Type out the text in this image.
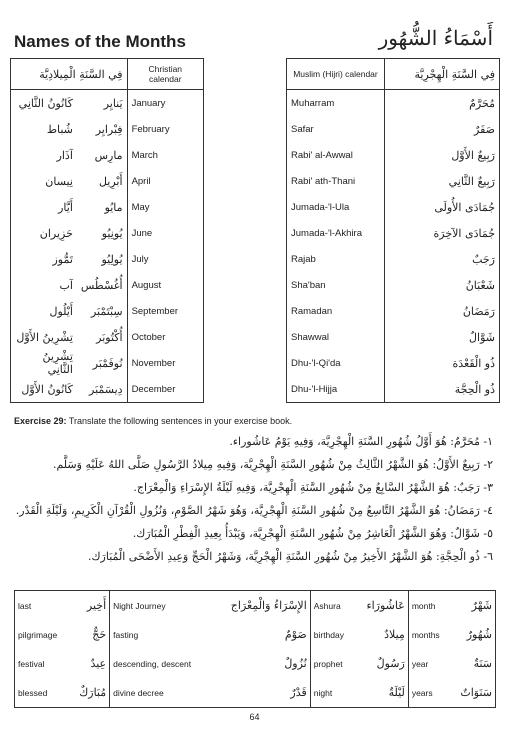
Names of the Months	أَسْمَاءُ الشُّهُور
فِي السَّنَةِ الْمِيلادِيَّة		Christian calendar
كَانُونُ الثَّانِي	يَنايِر	January
شُباط	فِبْرايِر	February
آذَار	مارِس	March
نِيسان	أَبْرِيل	April
أَيَّار	مايُو	May
حَزِيران	يُونِيُو	June
تَمُّوز	يُولِيُو	July
آب	أُغُسْطُس	August
أَيْلُول	سِبْتَمْبَر	September
تِشْرِينُ الأَوَّل	أُكْتُوبَر	October
تِشْرِينُ الثَّانِي	نُوفَمْبَر	November
كَانُونُ الأَوَّل	دِيسَمْبَر	December
Muslim (Hijri) calendar	فِي السَّنَةِ الْهِجْرِيَّة
Muharram	مُحَرَّمٌ
Safar	صَفَرٌ
Rabi' al-Awwal	رَبِيعٌ الأَوَّل
Rabi' ath-Thani	رَبِيعٌ الثَّانِي
Jumada-'l-Ula	جُمَادَى الأُولَى
Jumada-'l-Akhira	جُمَادَى الآخِرَة
Rajab	رَجَبٌ
Sha'ban	شَعْبَانُ
Ramadan	رَمَضَانُ
Shawwal	شَوَّالٌ
Dhu-'l-Qi'da	ذُو الْقَعْدَة
Dhu-'l-Hijja	ذُو الْحِجَّة
Exercise 29: Translate the following sentences in your exercise book.
١- مُحَرَّمٌ: هُوَ أَوَّلُ شُهُورِ السَّنَةِ الْهِجْرِيَّة، وَفِيهِ يَوْمُ عَاشُوراء.
٢- رَبِيعٌ الأَوَّلُ: هُوَ الشَّهْرُ الثَّالِثُ مِنْ شُهُورِ السَّنَةِ الْهِجْرِيَّة، وَفِيهِ مِيلادُ الرَّسُولِ صَلَّى اللهُ عَلَيْهِ وَسَلَّم.
٣- رَجَبٌ: هُوَ الشَّهْرُ السَّابِعُ مِنْ شُهُورِ السَّنَةِ الْهِجْرِيَّة، وَفِيهِ لَيْلَةُ الإِسْرَاءِ وَالْمِعْرَاج.
٤- رَمَضَانُ: هُوَ الشَّهْرُ التَّاسِعُ مِنْ شُهُورِ السَّنَةِ الْهِجْرِيَّة، وَهُوَ شَهْرُ الصَّوْمِ، وَنُزُولِ الْقُرْآنِ الْكَرِيمِ، وَلَيْلَةِ الْقَدْر.
٥- شَوَّالٌ: وَهُوَ الشَّهْرُ الْعَاشِرُ مِنْ شُهُورِ السَّنَةِ الْهِجْرِيَّة، وَيَبْدَأُ بِعِيدِ الْفِطْرِ الْمُبَارَك.
٦- ذُو الْحِجَّةِ: هُوَ الشَّهْرُ الأَخِيرُ مِنْ شُهُورِ السَّنَةِ الْهِجْرِيَّة، وَشَهْرُ الْحَجِّ وَعِيدِ الأَضْحَى الْمُبَارَك.
last	أَخِير	Night Journey	الإِسْرَاءُ وَالْمِعْرَاج	Ashura	عَاشُورَاء	month	شَهْرٌ
pilgrimage	حَجٌّ	fasting	صَوْمٌ	birthday	مِيلادٌ	months	شُهُورٌ
festival	عِيدٌ	descending, descent	نُزُولٌ	prophet	رَسُولٌ	year	سَنَةٌ
blessed	مُبَارَكٌ	divine decree	قَدْرٌ	night	لَيْلَةٌ	years	سَنَوَاتٌ
64
